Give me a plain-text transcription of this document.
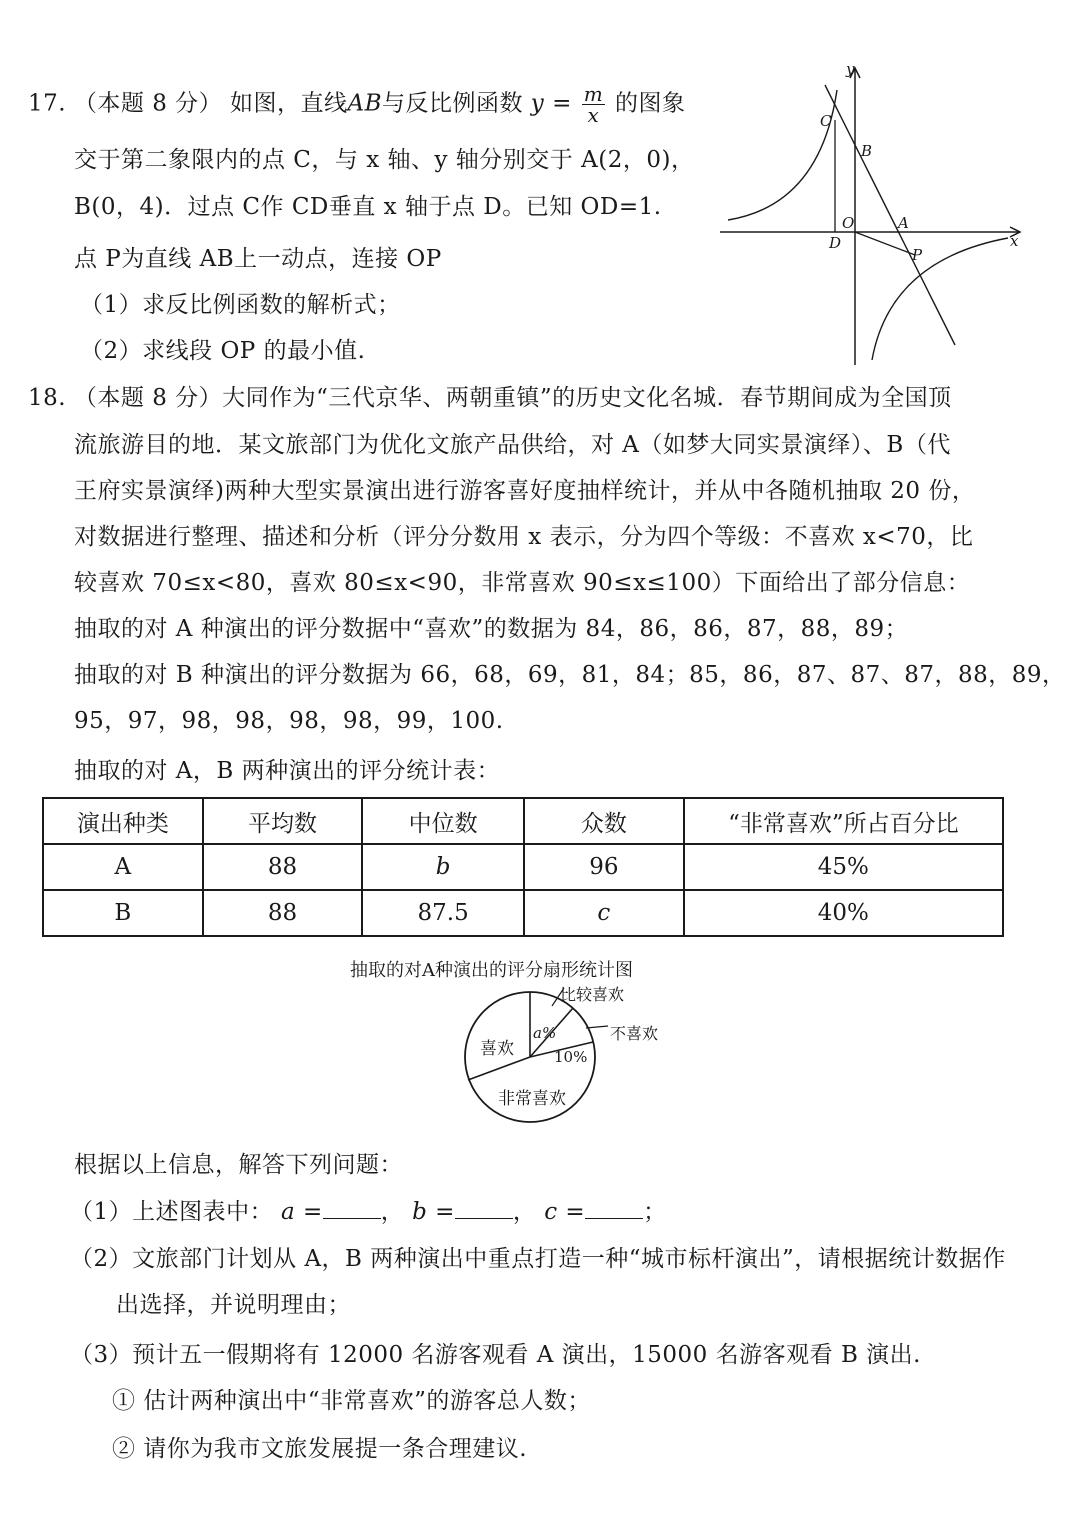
17. （本题 8 分） 如图，直线AB与反比例函数 $y = \frac{m}{x}$ 的图象
交于第二象限内的点 C，与 x 轴、y 轴分别交于 A(2，0)，
B(0，4)．过点 C作 CD垂直 x 轴于点 D。已知 OD=1.
点 P为直线 AB上一动点，连接 OP
（1）求反比例函数的解析式；
（2）求线段 OP 的最小值.
y
x
C
B
O	A
D
P
18. （本题 8 分）大同作为“三代京华、两朝重镇”的历史文化名城．春节期间成为全国顶
流旅游目的地．某文旅部门为优化文旅产品供给，对 A（如梦大同实景演绎）、B（代
王府实景演绎)两种大型实景演出进行游客喜好度抽样统计，并从中各随机抽取 20 份，
对数据进行整理、描述和分析（评分分数用 x 表示，分为四个等级：不喜欢 x<70，比
较喜欢 70≤x<80，喜欢 80≤x<90，非常喜欢 90≤x≤100）下面给出了部分信息：
抽取的对 A 种演出的评分数据中“喜欢”的数据为 84，86，86，87，88，89；
抽取的对 B 种演出的评分数据为 66，68，69，81，84；85，86，87、87、87，88，89，
95，97，98，98，98，98，99，100.
抽取的对 A，B 两种演出的评分统计表：
演出种类	平均数	中位数	众数	“非常喜欢”所占百分比
A	88	b	96	45%
B	88	87.5	c	40%
抽取的对A种演出的评分扇形统计图
喜欢
比较喜欢
a%	不喜欢
10%
非常喜欢
根据以上信息，解答下列问题：
（1）上述图表中： a =	， b =	， c =	；
（2）文旅部门计划从 A，B 两种演出中重点打造一种“城市标杆演出”，请根据统计数据作
出选择，并说明理由；
（3）预计五一假期将有 12000 名游客观看 A 演出，15000 名游客观看 B 演出.
① 估计两种演出中“非常喜欢”的游客总人数；
② 请你为我市文旅发展提一条合理建议.
